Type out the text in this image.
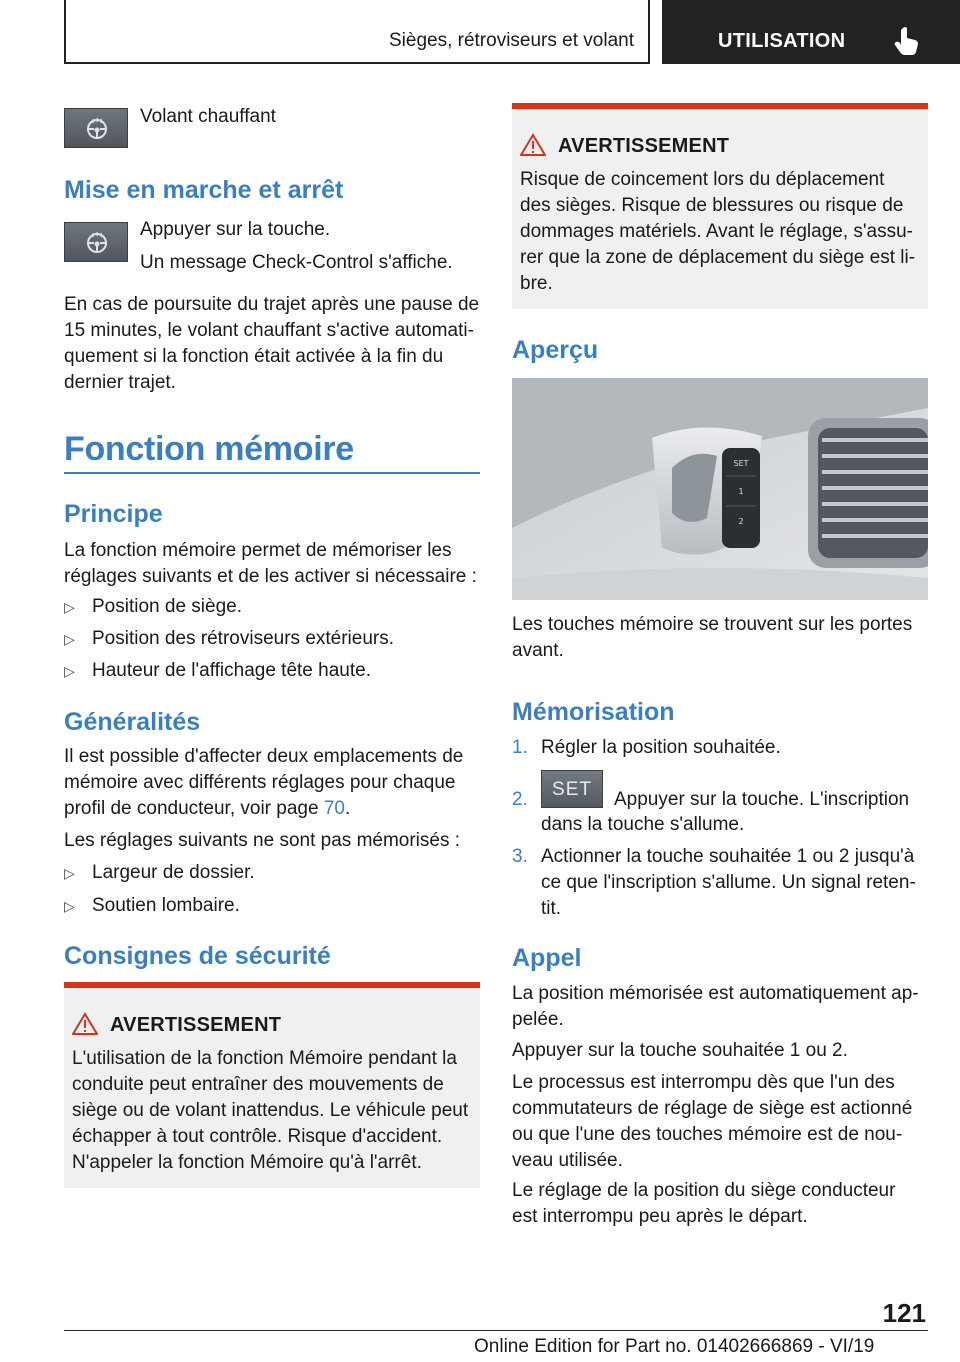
Sièges, rétroviseurs et volant	UTILISATION
Volant chauffant
Mise en marche et arrêt
Appuyer sur la touche.
Un message Check-Control s'affiche.
En cas de poursuite du trajet après une pause de
15 minutes, le volant chauffant s'active automati-
quement si la fonction était activée à la fin du
dernier trajet.
Fonction mémoire
Principe
La fonction mémoire permet de mémoriser les
réglages suivants et de les activer si nécessaire :
▷ Position de siège.
▷ Position des rétroviseurs extérieurs.
▷ Hauteur de l'affichage tête haute.
Généralités
Il est possible d'affecter deux emplacements de
mémoire avec différents réglages pour chaque
profil de conducteur, voir page 70.
Les réglages suivants ne sont pas mémorisés :
▷ Largeur de dossier.
▷ Soutien lombaire.
Consignes de sécurité
AVERTISSEMENT
L'utilisation de la fonction Mémoire pendant la
conduite peut entraîner des mouvements de
siège ou de volant inattendus. Le véhicule peut
échapper à tout contrôle. Risque d'accident.
N'appeler la fonction Mémoire qu'à l'arrêt.
AVERTISSEMENT
Risque de coincement lors du déplacement
des sièges. Risque de blessures ou risque de
dommages matériels. Avant le réglage, s'assu-
rer que la zone de déplacement du siège est li-
bre.
Aperçu
SET
1
2
Les touches mémoire se trouvent sur les portes
avant.
Mémorisation
1. Régler la position souhaitée.
2.	SET	Appuyer sur la touche. L'inscription
dans la touche s'allume.
3. Actionner la touche souhaitée 1 ou 2 jusqu'à
ce que l'inscription s'allume. Un signal reten-
tit.
Appel
La position mémorisée est automatiquement ap-
pelée.
Appuyer sur la touche souhaitée 1 ou 2.
Le processus est interrompu dès que l'un des
commutateurs de réglage de siège est actionné
ou que l'une des touches mémoire est de nou-
veau utilisée.
Le réglage de la position du siège conducteur
est interrompu peu après le départ.
121
Online Edition for Part no. 01402666869 - VI/19
